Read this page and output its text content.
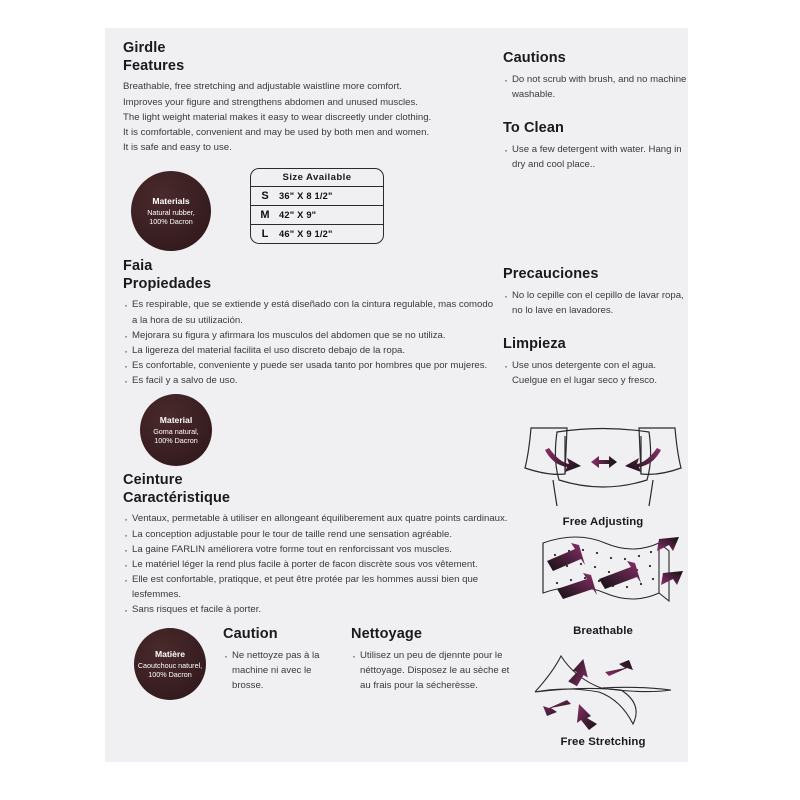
Girdle
Features

Breathable, free stretching and adjustable waistline more comfort.

Improves your figure and strengthens abdomen and unused muscles.

The light weight material makes it easy to wear discreetly under clothing.

It is comfortable, convenient and may be used by both men and women.

It is safe and easy to use.

Materials
Natural rubber,
100% Dacron
Size Available
S	36" X 8 1/2"
M	42" X 9"
L	46" X 9 1/2"
Faia
Propiedades
· Es respirable, que se extiende y está diseñado con la cintura regulable, mas comodo a la hora de su utilización.
· Mejorara su figura y afirmara los musculos del abdomen que se no utiliza.
· La ligereza del material facilita el uso discreto debajo de la ropa.
· Es confortable, conveniente y puede ser usada tanto por hombres que por mujeres.
· Es facil y a salvo de uso.
Material
Goma natural,
100% Dacron
Ceinture
Caractéristique
· Ventaux, permetable à utiliser en allongeant équiliberement aux quatre points cardinaux.
· La conception adjustable pour le tour de taille rend une sensation agréable.
· La gaine FARLIN améliorera votre forme tout en renforcissant vos muscles.
· Le matériel léger la rend plus facile à porter de facon discrète sous vos vêtement.
· Elle est confortable, pratiqque, et peut être protée par les hommes aussi bien que lesfemmes.
· Sans risques et facile à porter.
Matière
Caoutchouc naturel,
100% Dacron
Caution
· Ne nettoyze pas à la machine ni avec le brosse.
Nettoyage
· Utilisez un peu de djennte pour le néttoyage. Disposez le au sèche et au frais pour la sécherèsse.
Cautions
· Do not scrub with brush, and no machine washable.
To Clean
· Use a few detergent with water. Hang in dry and cool place..
Precauciones
· No lo cepille con el cepillo de lavar ropa, no lo lave en lavadores.
Limpieza
· Use unos detergente con el agua. Cuelgue en el lugar seco y fresco.
Free Adjusting
Breathable
Free Stretching
